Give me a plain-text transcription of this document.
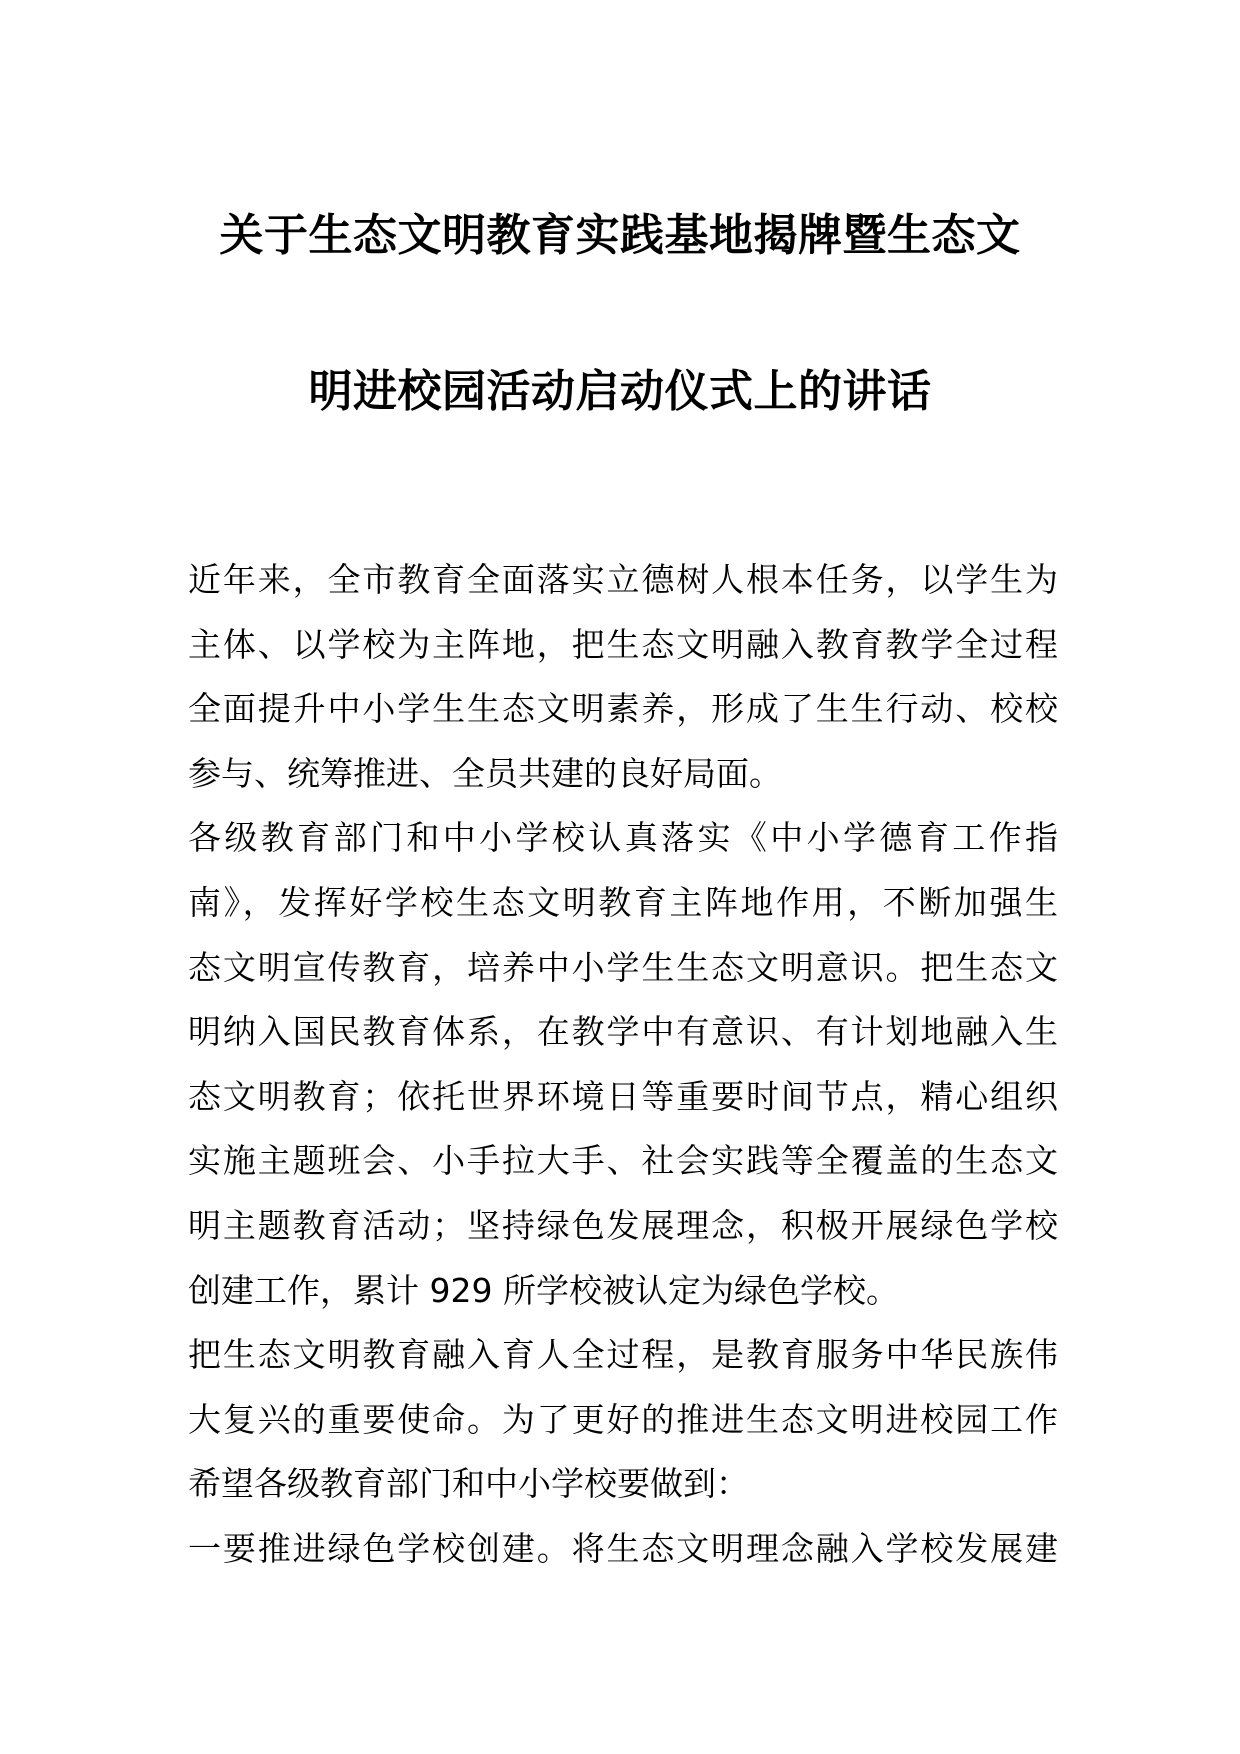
关于生态文明教育实践基地揭牌暨生态文
明进校园活动启动仪式上的讲话
近年来，全市教育全面落实立德树人根本任务，以学生为
主体、以学校为主阵地，把生态文明融入教育教学全过程
全面提升中小学生生态文明素养，形成了生生行动、校校
参与、统筹推进、全员共建的良好局面。
各级教育部门和中小学校认真落实《中小学德育工作指
南》，发挥好学校生态文明教育主阵地作用，不断加强生
态文明宣传教育，培养中小学生生态文明意识。把生态文
明纳入国民教育体系，在教学中有意识、有计划地融入生
态文明教育；依托世界环境日等重要时间节点，精心组织
实施主题班会、小手拉大手、社会实践等全覆盖的生态文
明主题教育活动；坚持绿色发展理念，积极开展绿色学校
创建工作，累计 929 所学校被认定为绿色学校。
把生态文明教育融入育人全过程，是教育服务中华民族伟
大复兴的重要使命。为了更好的推进生态文明进校园工作
希望各级教育部门和中小学校要做到：
一要推进绿色学校创建。将生态文明理念融入学校发展建
